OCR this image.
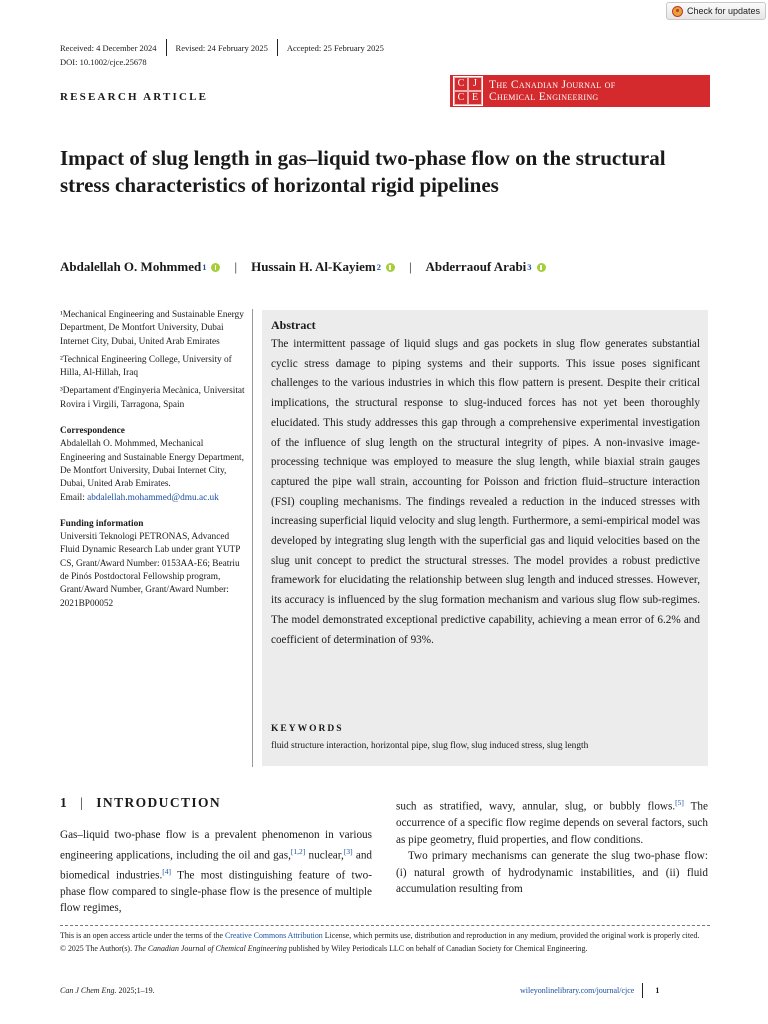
Check for updates
Received: 4 December 2024 Revised: 24 February 2025 Accepted: 25 February 2025
DOI: 10.1002/cjce.25678
RESEARCH ARTICLE
C J
C E
The Canadian Journal of
Chemical Engineering
Impact of slug length in gas–liquid two-phase flow on the structural stress characteristics of horizontal rigid pipelines
Abdalellah O. Mohmmed 1 | Hussain H. Al-Kayiem 2 | Abderraouf Arabi 3

¹Mechanical Engineering and Sustainable Energy Department, De Montfort University, Dubai Internet City, Dubai, United Arab Emirates

²Technical Engineering College, University of Hilla, Al-Hillah, Iraq

³Departament d'Enginyeria Mecànica, Universitat Rovira i Virgili, Tarragona, Spain

Correspondence

Abdalellah O. Mohmmed, Mechanical Engineering and Sustainable Energy Department, De Montfort University, Dubai Internet City, Dubai, United Arab Emirates.
Email: abdalellah.mohammed@dmu.ac.uk

Funding information

Universiti Teknologi PETRONAS, Advanced Fluid Dynamic Research Lab under grant YUTP CS, Grant/Award Number: 0153AA-E6; Beatriu de Pinós Postdoctoral Fellowship program, Grant/Award Number, Grant/Award Number: 2021BP00052

Abstract
The intermittent passage of liquid slugs and gas pockets in slug flow generates substantial cyclic stress damage to piping systems and their supports. This issue poses significant challenges to the various industries in which this flow pattern is present. Despite their critical implications, the structural response to slug-induced forces has not yet been thoroughly elucidated. This study addresses this gap through a comprehensive experimental investigation of the influence of slug length on the structural integrity of pipes. A non-invasive image-processing technique was employed to measure the slug length, while biaxial strain gauges captured the pipe wall strain, accounting for Poisson and friction fluid–structure interaction (FSI) coupling mechanisms. The findings revealed a reduction in the induced stresses with increasing superficial liquid velocity and slug length. Furthermore, a semi-empirical model was developed by integrating slug length with the superficial gas and liquid velocities based on the slug unit concept to predict the structural stresses. The model provides a robust predictive framework for elucidating the relationship between slug length and induced stresses. However, its accuracy is influenced by the slug formation mechanism and various slug flow sub-regimes. The model demonstrated exceptional predictive capability, achieving a mean error of 6.2% and coefficient of determination of 93%.
KEYWORDS
fluid structure interaction, horizontal pipe, slug flow, slug induced stress, slug length
1 | INTRODUCTION

Gas–liquid two-phase flow is a prevalent phenomenon in various engineering applications, including the oil and gas,[1,2] nuclear,[3] and biomedical industries.[4] The most distinguishing feature of two-phase flow compared to single-phase flow is the presence of multiple flow regimes,

such as stratified, wavy, annular, slug, or bubbly flows.[5] The occurrence of a specific flow regime depends on several factors, such as pipe geometry, fluid properties, and flow conditions.

Two primary mechanisms can generate the slug two-phase flow: (i) natural growth of hydrodynamic instabilities, and (ii) fluid accumulation resulting from

This is an open access article under the terms of the Creative Commons Attribution License, which permits use, distribution and reproduction in any medium, provided the original work is properly cited.
© 2025 The Author(s). The Canadian Journal of Chemical Engineering published by Wiley Periodicals LLC on behalf of Canadian Society for Chemical Engineering.
Can J Chem Eng. 2025;1–19.	wileyonlinelibrary.com/journal/cjce	1
